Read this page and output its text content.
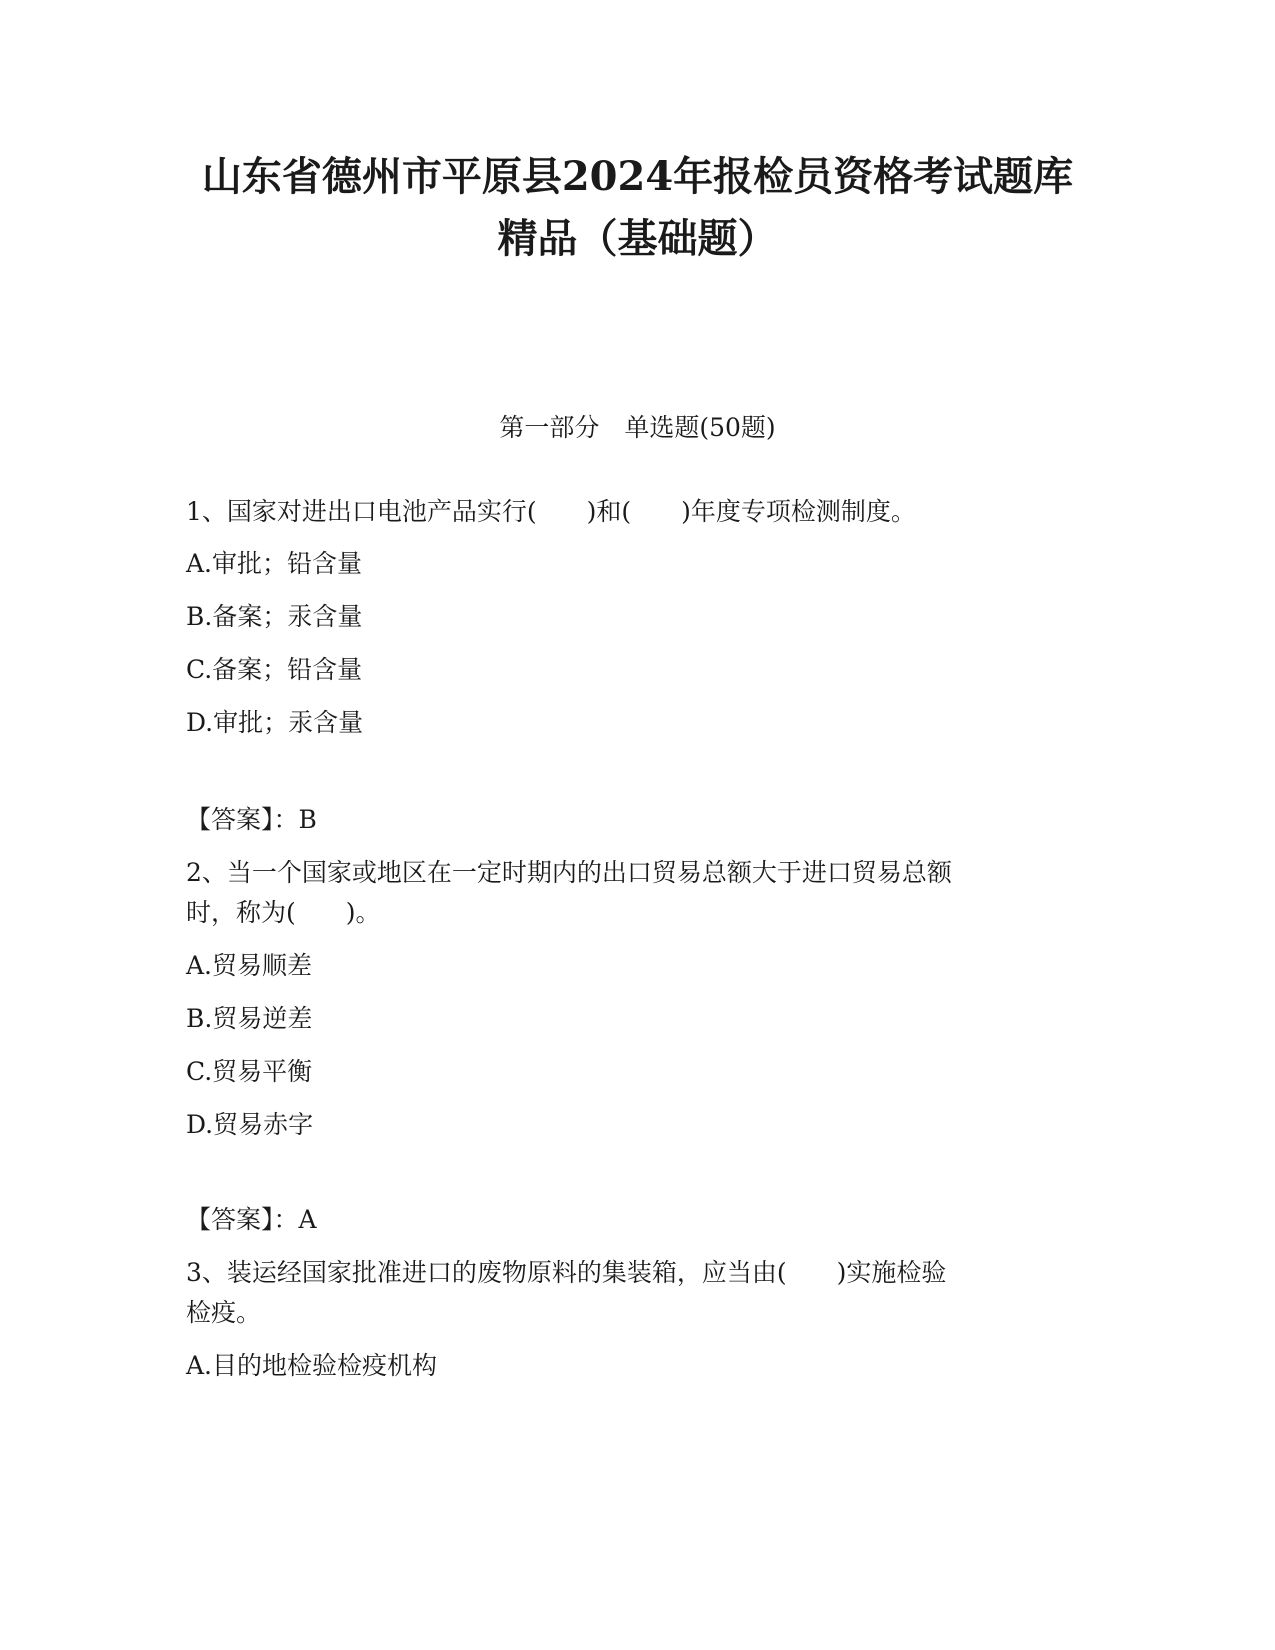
山东省德州市平原县2024年报检员资格考试题库
精品（基础题）
第一部分　单选题(50题)
1、国家对进出口电池产品实行(　　)和(　　)年度专项检测制度。
A.审批；铅含量
B.备案；汞含量
C.备案；铅含量
D.审批；汞含量
【答案】：B
2、当一个国家或地区在一定时期内的出口贸易总额大于进口贸易总额
时，称为(　　)。
A.贸易顺差
B.贸易逆差
C.贸易平衡
D.贸易赤字
【答案】：A
3、装运经国家批准进口的废物原料的集装箱，应当由(　　)实施检验
检疫。
A.目的地检验检疫机构
